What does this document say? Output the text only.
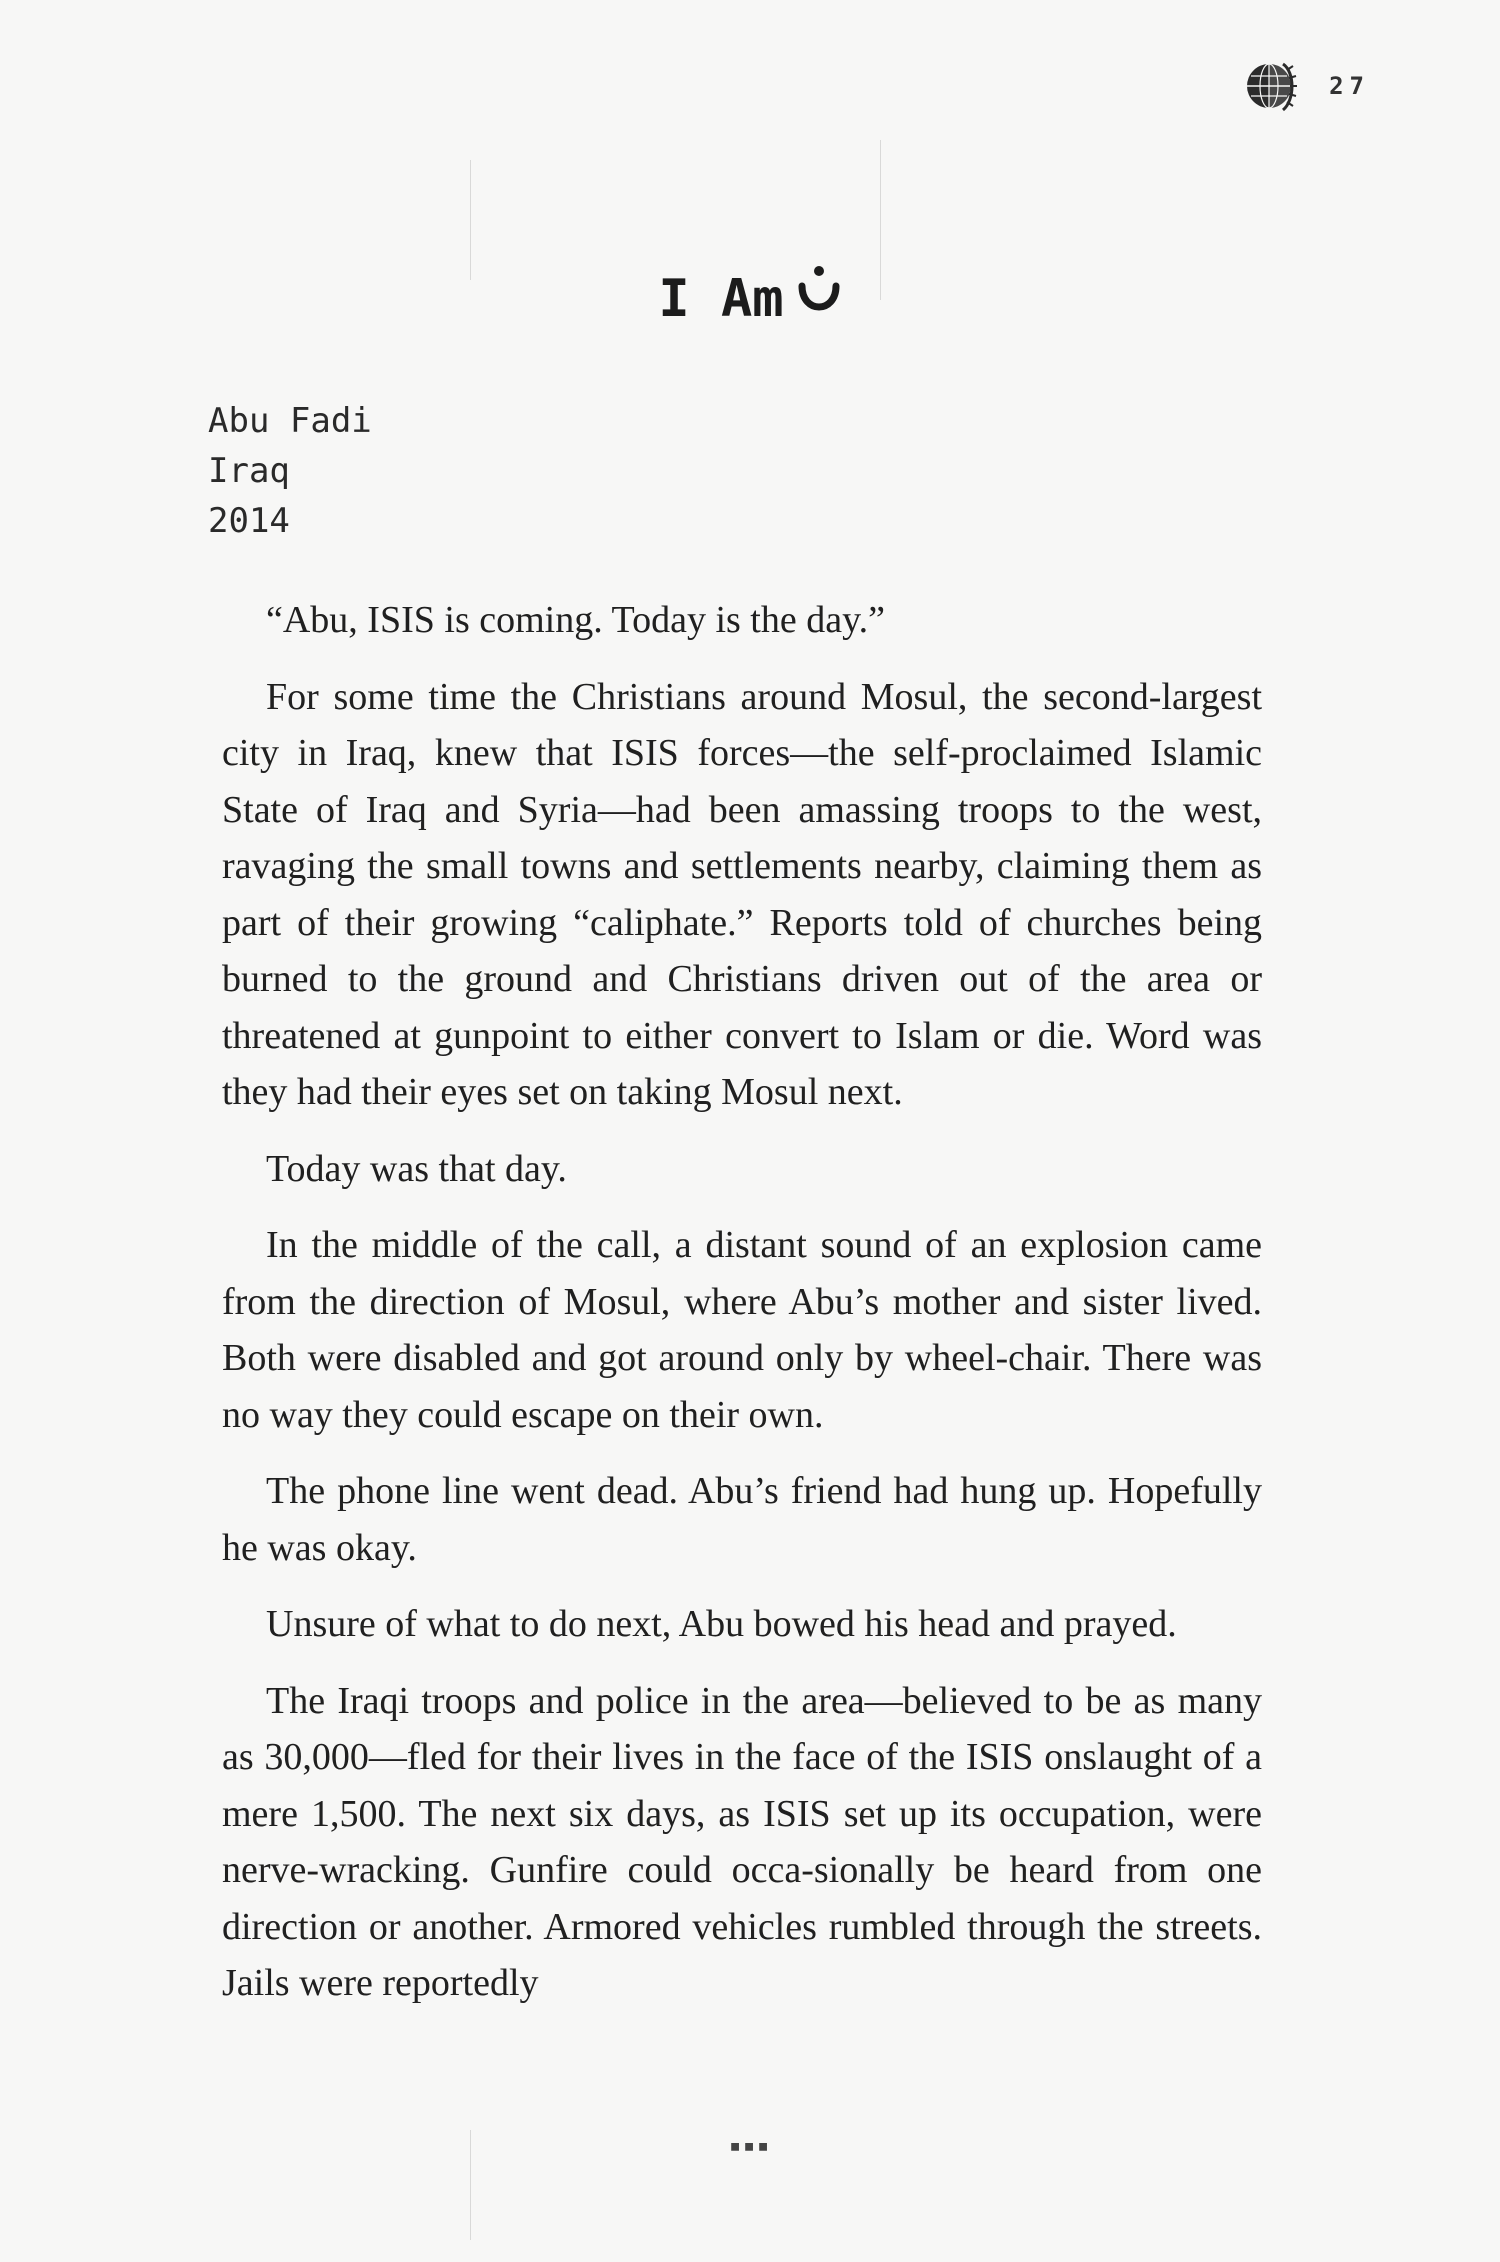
27
I Am
Abu Fadi
Iraq
2014

“Abu, ISIS is coming. Today is the day.”

For some time the Christians around Mosul, the second-largest city in Iraq, knew that ISIS forces—the self-proclaimed Islamic State of Iraq and Syria—had been amassing troops to the west, ravaging the small towns and settlements nearby, claiming them as part of their growing “caliphate.” Reports told of churches being burned to the ground and Christians driven out of the area or threatened at gunpoint to either convert to Islam or die. Word was they had their eyes set on taking Mosul next.

Today was that day.

In the middle of the call, a distant sound of an explosion came from the direction of Mosul, where Abu’s mother and sister lived. Both were disabled and got around only by wheel-chair. There was no way they could escape on their own.

The phone line went dead. Abu’s friend had hung up. Hopefully he was okay.

Unsure of what to do next, Abu bowed his head and prayed.

The Iraqi troops and police in the area—believed to be as many as 30,000—fled for their lives in the face of the ISIS onslaught of a mere 1,500. The next six days, as ISIS set up its occupation, were nerve-wracking. Gunfire could occa-sionally be heard from one direction or another. Armored vehicles rumbled through the streets. Jails were reportedly

▪▪▪
